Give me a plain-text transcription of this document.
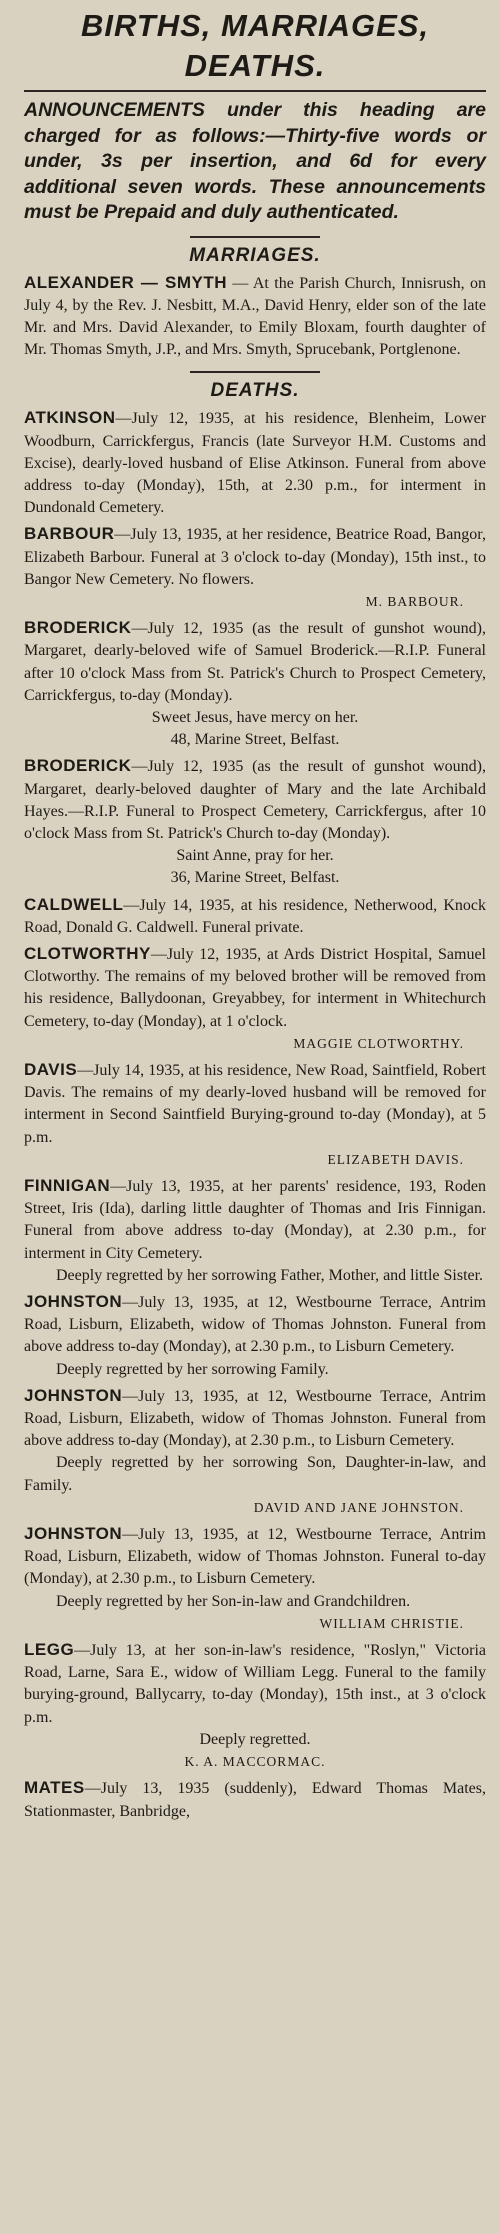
BIRTHS, MARRIAGES, DEATHS.
ANNOUNCEMENTS under this heading are charged for as follows:—Thirty-five words or under, 3s per insertion, and 6d for every additional seven words. These announcements must be Prepaid and duly authenticated.
MARRIAGES.

ALEXANDER — SMYTH — At the Parish Church, Innisrush, on July 4, by the Rev. J. Nesbitt, M.A., David Henry, elder son of the late Mr. and Mrs. David Alexander, to Emily Bloxam, fourth daughter of Mr. Thomas Smyth, J.P., and Mrs. Smyth, Sprucebank, Portglenone.

DEATHS.

ATKINSON—July 12, 1935, at his residence, Blenheim, Lower Woodburn, Carrickfergus, Francis (late Surveyor H.M. Customs and Excise), dearly-loved husband of Elise Atkinson. Funeral from above address to-day (Monday), 15th, at 2.30 p.m., for interment in Dundonald Cemetery.

BARBOUR—July 13, 1935, at her residence, Beatrice Road, Bangor, Elizabeth Barbour. Funeral at 3 o'clock to-day (Monday), 15th inst., to Bangor New Cemetery. No flowers.

M. BARBOUR.

BRODERICK—July 12, 1935 (as the result of gunshot wound), Margaret, dearly-beloved wife of Samuel Broderick.—R.I.P. Funeral after 10 o'clock Mass from St. Patrick's Church to Prospect Cemetery, Carrickfergus, to-day (Monday).

Sweet Jesus, have mercy on her.

48, Marine Street, Belfast.

BRODERICK—July 12, 1935 (as the result of gunshot wound), Margaret, dearly-beloved daughter of Mary and the late Archibald Hayes.—R.I.P. Funeral to Prospect Cemetery, Carrickfergus, after 10 o'clock Mass from St. Patrick's Church to-day (Monday).

Saint Anne, pray for her.

36, Marine Street, Belfast.

CALDWELL—July 14, 1935, at his residence, Netherwood, Knock Road, Donald G. Caldwell. Funeral private.

CLOTWORTHY—July 12, 1935, at Ards District Hospital, Samuel Clotworthy. The remains of my beloved brother will be removed from his residence, Ballydoonan, Greyabbey, for interment in Whitechurch Cemetery, to-day (Monday), at 1 o'clock.

MAGGIE CLOTWORTHY.

DAVIS—July 14, 1935, at his residence, New Road, Saintfield, Robert Davis. The remains of my dearly-loved husband will be removed for interment in Second Saintfield Burying-ground to-day (Monday), at 5 p.m.

ELIZABETH DAVIS.

FINNIGAN—July 13, 1935, at her parents' residence, 193, Roden Street, Iris (Ida), darling little daughter of Thomas and Iris Finnigan. Funeral from above address to-day (Monday), at 2.30 p.m., for interment in City Cemetery.

Deeply regretted by her sorrowing Father, Mother, and little Sister.

JOHNSTON—July 13, 1935, at 12, Westbourne Terrace, Antrim Road, Lisburn, Elizabeth, widow of Thomas Johnston. Funeral from above address to-day (Monday), at 2.30 p.m., to Lisburn Cemetery.

Deeply regretted by her sorrowing Family.

JOHNSTON—July 13, 1935, at 12, Westbourne Terrace, Antrim Road, Lisburn, Elizabeth, widow of Thomas Johnston. Funeral from above address to-day (Monday), at 2.30 p.m., to Lisburn Cemetery.

Deeply regretted by her sorrowing Son, Daughter-in-law, and Family.

DAVID AND JANE JOHNSTON.

JOHNSTON—July 13, 1935, at 12, Westbourne Terrace, Antrim Road, Lisburn, Elizabeth, widow of Thomas Johnston. Funeral to-day (Monday), at 2.30 p.m., to Lisburn Cemetery.

Deeply regretted by her Son-in-law and Grandchildren.

WILLIAM CHRISTIE.

LEGG—July 13, at her son-in-law's residence, "Roslyn," Victoria Road, Larne, Sara E., widow of William Legg. Funeral to the family burying-ground, Ballycarry, to-day (Monday), 15th inst., at 3 o'clock p.m.

Deeply regretted.

K. A. MACCORMAC.

MATES—July 13, 1935 (suddenly), Edward Thomas Mates, Stationmaster, Banbridge,
